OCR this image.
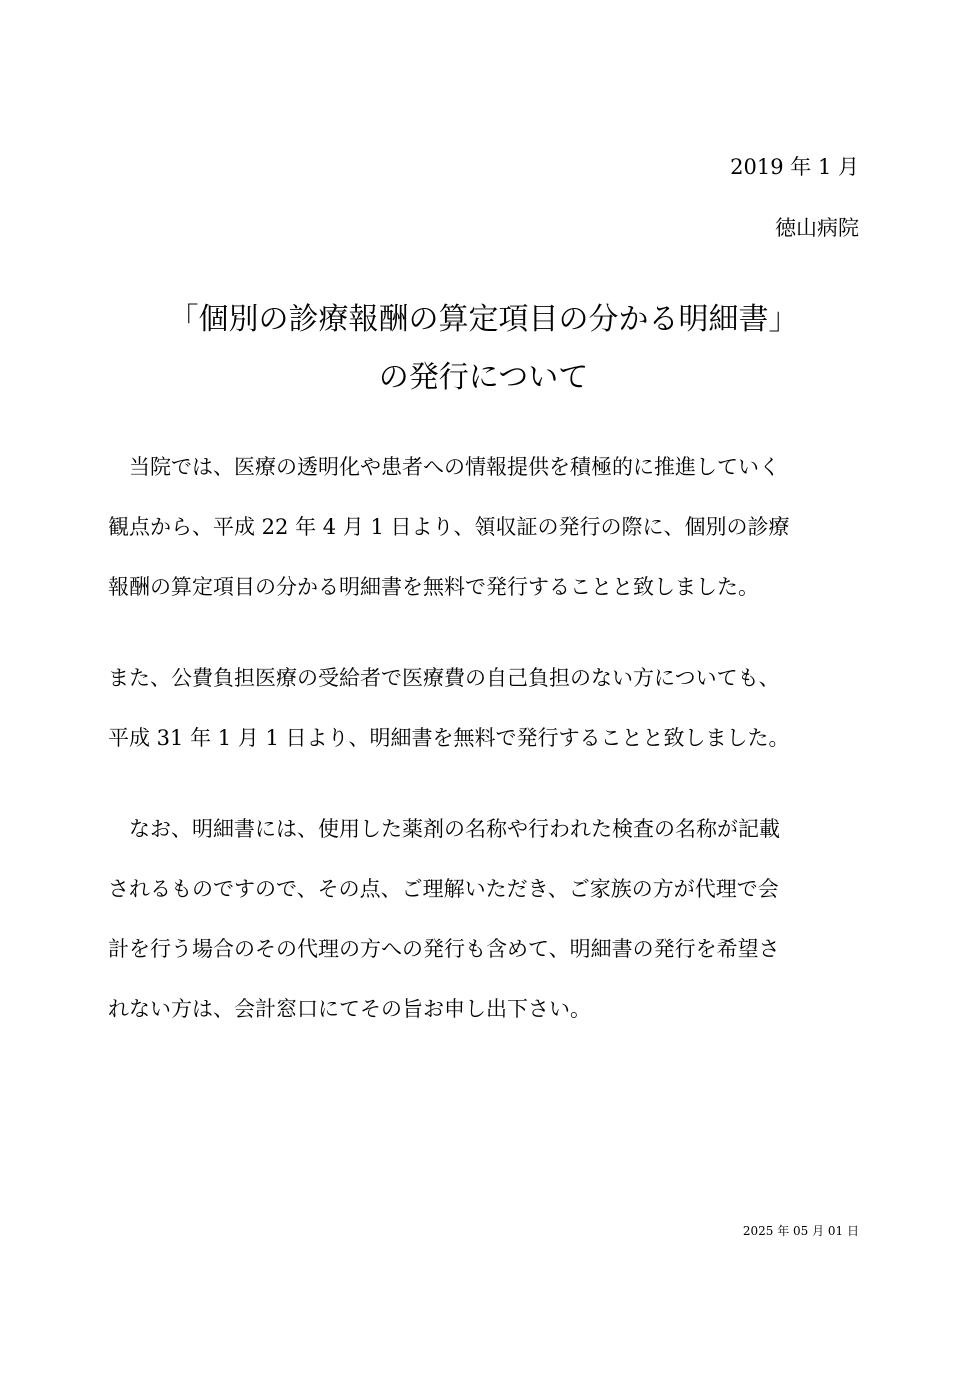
2019 年 1 月
徳山病院
「個別の診療報酬の算定項目の分かる明細書」
の発行について
　当院では、医療の透明化や患者への情報提供を積極的に推進していく
観点から、平成 22 年 4 月 1 日より、領収証の発行の際に、個別の診療
報酬の算定項目の分かる明細書を無料で発行することと致しました。
また、公費負担医療の受給者で医療費の自己負担のない方についても、
平成 31 年 1 月 1 日より、明細書を無料で発行することと致しました。
　なお、明細書には、使用した薬剤の名称や行われた検査の名称が記載
されるものですので、その点、ご理解いただき、ご家族の方が代理で会
計を行う場合のその代理の方への発行も含めて、明細書の発行を希望さ
れない方は、会計窓口にてその旨お申し出下さい。
2025 年 05 月 01 日
